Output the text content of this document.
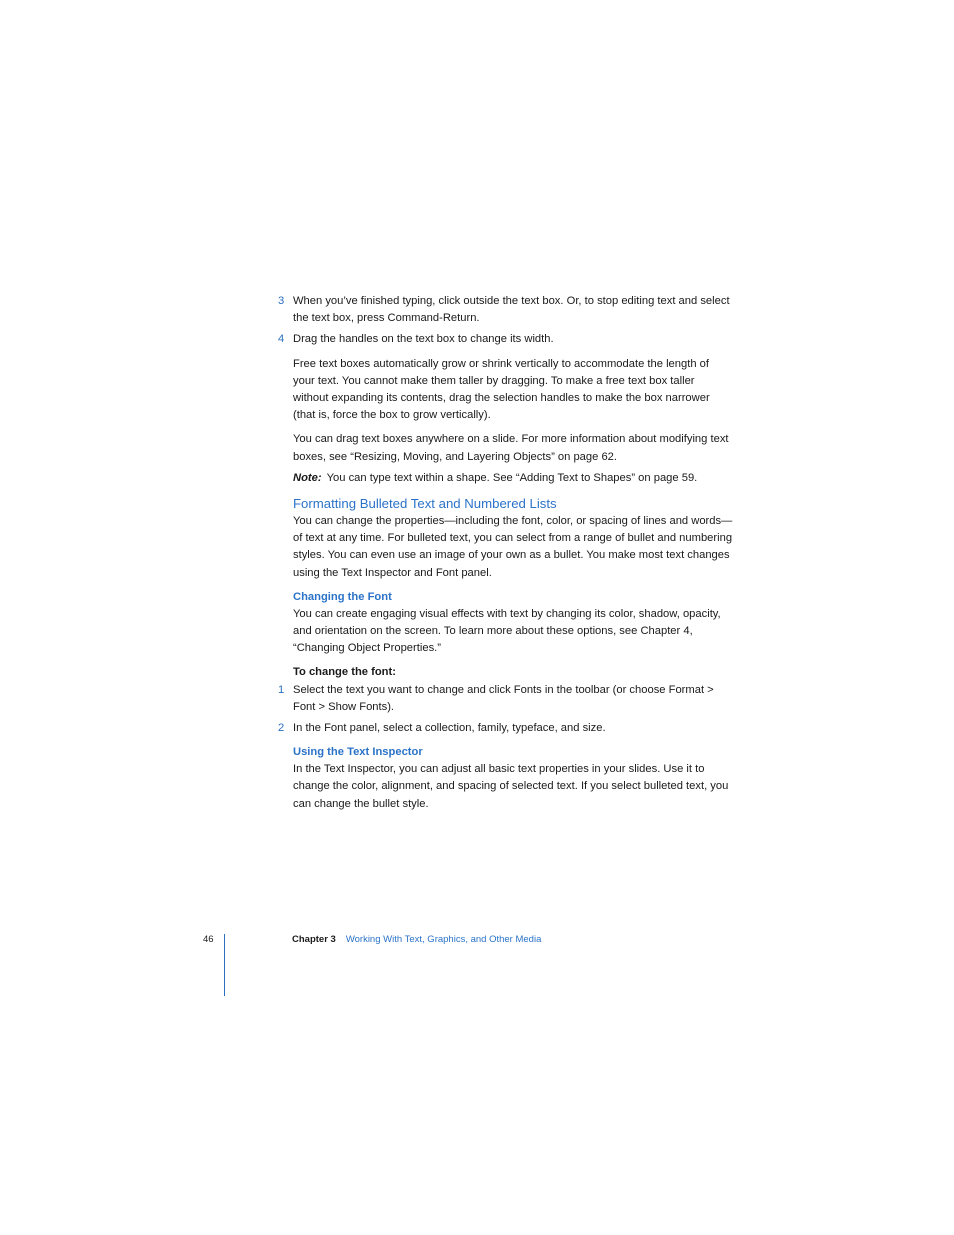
3 When you’ve finished typing, click outside the text box. Or, to stop editing text and select the text box, press Command-Return.

4 Drag the handles on the text box to change its width.

Free text boxes automatically grow or shrink vertically to accommodate the length of your text. You cannot make them taller by dragging. To make a free text box taller without expanding its contents, drag the selection handles to make the box narrower (that is, force the box to grow vertically).

You can drag text boxes anywhere on a slide. For more information about modifying text boxes, see “Resizing, Moving, and Layering Objects” on page 62.

Note: You can type text within a shape. See “Adding Text to Shapes” on page 59.

Formatting Bulleted Text and Numbered Lists

You can change the properties—including the font, color, or spacing of lines and words—of text at any time. For bulleted text, you can select from a range of bullet and numbering styles. You can even use an image of your own as a bullet. You make most text changes using the Text Inspector and Font panel.

Changing the Font

You can create engaging visual effects with text by changing its color, shadow, opacity, and orientation on the screen. To learn more about these options, see Chapter 4, “Changing Object Properties.”

To change the font:

1 Select the text you want to change and click Fonts in the toolbar (or choose Format > Font > Show Fonts).

2 In the Font panel, select a collection, family, typeface, and size.

Using the Text Inspector

In the Text Inspector, you can adjust all basic text properties in your slides. Use it to change the color, alignment, and spacing of selected text. If you select bulleted text, you can change the bullet style.

46	Chapter 3 Working With Text, Graphics, and Other Media
